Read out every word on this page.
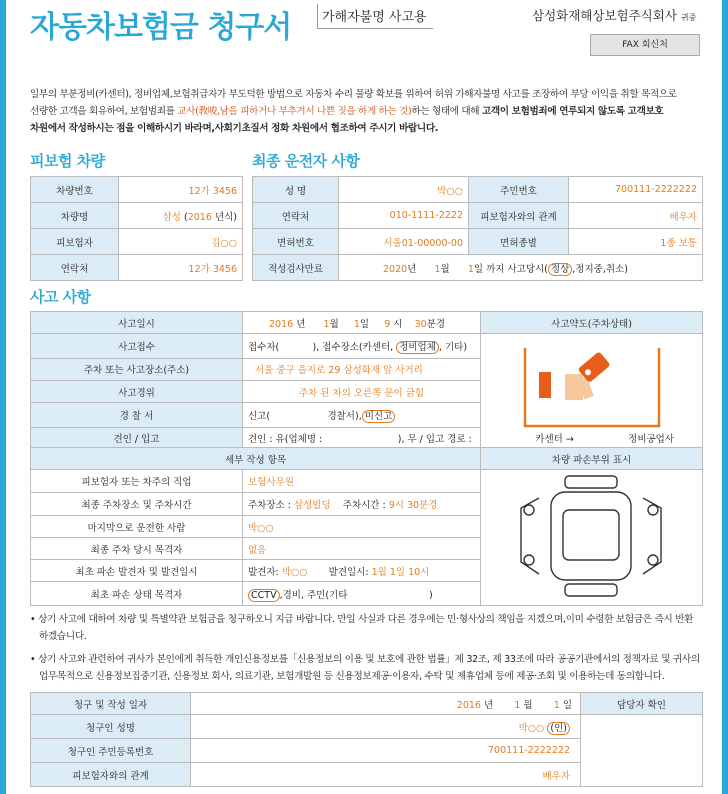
자동차보험금 청구서	가해자불명 사고용	삼성화재해상보험주식회사 귀중
FAX 회신처
일부의 부분정비(카센터), 정비업체,보험취급자가 부도덕한 방법으로 자동차 수리 물량 확보를 위하여 허위 가해자불명 사고를 조장하여 부당 이익을 취할 목적으로
선량한 고객을 회유하여, 보험범죄를 교사(敎唆,남을 피하거나 부추겨서 나쁜 짓을 하게 하는 것)하는 형태에 대해 고객이 보험범죄에 연루되지 않도록 고객보호
차원에서 작성하시는 점을 이해하시기 바라며,사회기초질서 정화 차원에서 협조하여 주시기 바랍니다.
피보험 차량	최종 운전자 사항
차량번호	12가 3456
차량명	삼성 (2016 년식)
피보험자	김○○
연락처	12가 3456
성 명	박○○	주민번호	700111-2222222
연락처	010-1111-2222	피보험자와의 관계	배우자
면허번호	서울01-00000-00	면허종별	1종 보통
적성검사만료	2020년 1월 1일 까지 사고당시( 정상 ,정지중,취소)		
사고 사항
사고일시	2016 년 1월 1일 9 시 30분경	사고약도(주차상태)
사고접수	접수자( ), 접수장소(카센터, 정비업체 , 기타)	
주차 또는 사고장소(주소)	서울 중구 을지로 29 삼성화재 앞 사거리	
사고경위	주차 된 차의 오른쪽 문이 긁힘	
경 찰 서	신고( 경찰서), 미신고	
견인 / 입고	견인 : 유(업체명 : ), 무 / 입고 경로 : 카센터 → 정비공업사	
세부 작성 항목		차량 파손부위 표시
피보험자 또는 차주의 직업	보험사무원	
최종 주차장소 및 주차시간	주차장소 : 삼성빌딩 주차시간 : 9시 30분경	
마지막으로 운전한 사람	박○○	
최종 주차 당시 목격자	없음	
최초 파손 발견자 및 발견일시	발견자: 박○○ 발견일시: 1월 1일 10시	
최초 파손 상태 목격자	CCTV ,경비, 주민(기타 )	

• 상기 사고에 대하여 차량 및 특별약관 보험금을 청구하오니 지급 바랍니다. 만일 사실과 다른 경우에는 민·형사상의 책임을 지겠으며,이미 수령한 보험금은 즉시 반환하겠습니다.

• 상기 사고와 관련하여 귀사가 본인에게 취득한 개인신용정보를「신용정보의 이용 및 보호에 관한 법률」제 32조, 제 33조에 따라 공공기관에서의 정책자료 및 귀사의 업무목적으로 신용정보집중기관, 신용정보 회사, 의료기관, 보험개발원 등 신용정보제공·이용자, 수탁 및 제휴업체 등에 제공·조회 및 이용하는데 동의합니다.

청구 및 작성 일자	2016 년 1 월 1 일	담당자 확인
청구인 성명	박○○ (인)	
청구인 주민등록번호	700111-2222222	
피보험자와의 관계	배우자	
